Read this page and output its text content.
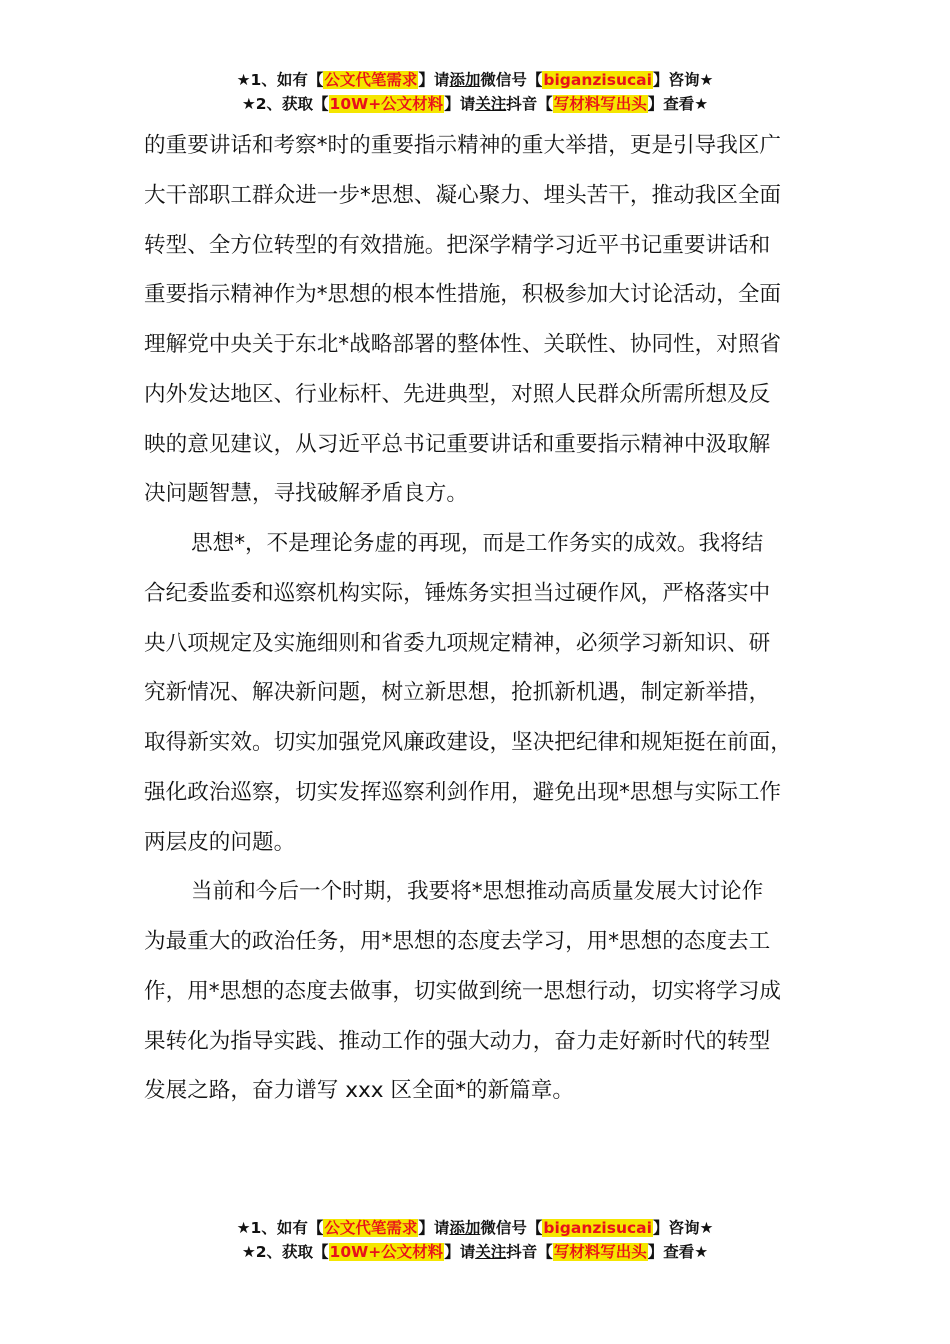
★1、如有【公文代笔需求】请添加微信号【biganzisucai】咨询★
★2、获取【10W+公文材料】请关注抖音【写材料写出头】查看★

的重要讲话和考察*时的重要指示精神的重大举措，更是引导我区广
大干部职工群众进一步*思想、凝心聚力、埋头苦干，推动我区全面
转型、全方位转型的有效措施。把深学精学习近平书记重要讲话和
重要指示精神作为*思想的根本性措施，积极参加大讨论活动，全面
理解党中央关于东北*战略部署的整体性、关联性、协同性，对照省
内外发达地区、行业标杆、先进典型，对照人民群众所需所想及反
映的意见建议，从习近平总书记重要讲话和重要指示精神中汲取解
决问题智慧，寻找破解矛盾良方。

思想*，不是理论务虚的再现，而是工作务实的成效。我将结
合纪委监委和巡察机构实际，锤炼务实担当过硬作风，严格落实中
央八项规定及实施细则和省委九项规定精神，必须学习新知识、研
究新情况、解决新问题，树立新思想，抢抓新机遇，制定新举措，
取得新实效。切实加强党风廉政建设，坚决把纪律和规矩挺在前面，
强化政治巡察，切实发挥巡察利剑作用，避免出现*思想与实际工作
两层皮的问题。

当前和今后一个时期，我要将*思想推动高质量发展大讨论作
为最重大的政治任务，用*思想的态度去学习，用*思想的态度去工
作，用*思想的态度去做事，切实做到统一思想行动，切实将学习成
果转化为指导实践、推动工作的强大动力，奋力走好新时代的转型
发展之路，奋力谱写 xxx 区全面*的新篇章。

★1、如有【公文代笔需求】请添加微信号【biganzisucai】咨询★
★2、获取【10W+公文材料】请关注抖音【写材料写出头】查看★
